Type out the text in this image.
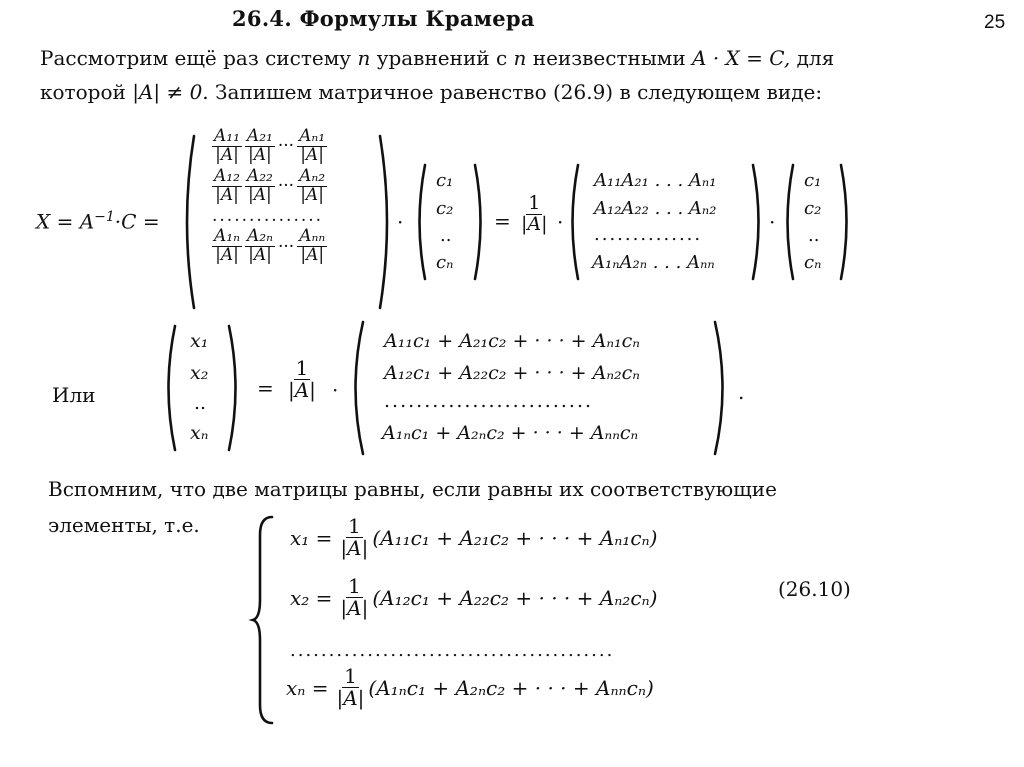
26.4. Формулы Крамера	25
Рассмотрим ещё раз систему n уравнений с n неизвестными A · X = C, для
которой |A| ≠ 0. Запишем матричное равенство (26.9) в следующем виде:
$X = A^{-1}\cdot C$ =
$\frac{\text{A₁₁}}{|A|} \frac{\text{A₂₁}}{|A|}$ ··· $\frac{\text{Aₙ₁}}{|A|}$
$\frac{\text{A₁₂}}{|A|} \frac{\text{A₂₂}}{|A|}$ ··· $\frac{\text{Aₙ₂}}{|A|}$
...............
$\frac{\text{A₁ₙ}}{|A|} \frac{\text{A₂ₙ}}{|A|}$ ··· $\frac{\text{Aₙₙ}}{|A|}$
·
c₁
c₂
..
cₙ
= $\frac{1}{|A|}$ ·
A₁₁A₂₁ . . . Aₙ₁
A₁₂A₂₂ . . . Aₙ₂
..............
A₁ₙA₂ₙ . . . Aₙₙ
·
c₁
c₂
..
cₙ
Или
x₁
x₂
..
xₙ
= $\frac{1}{|A|}$ ·
A₁₁c₁ + A₂₁c₂ + · · · + Aₙ₁cₙ
A₁₂c₁ + A₂₂c₂ + · · · + Aₙ₂cₙ
..........................
A₁ₙc₁ + A₂ₙc₂ + · · · + Aₙₙcₙ
.
Вспомним, что две матрицы равны, если равны их соответствующие
элементы, т.е.
$x_1 = \frac{1}{|A|} (A_{11}c_1 + A_{21}c_2$ + · · · + Aₙ₁cₙ)
$x_2 = \frac{1}{|A|} (A_{12}c_1 + A_{22}c_2$ + · · · + Aₙ₂cₙ)
..........................................
$x_n = \frac{1}{|A|} (A_{1n}c_1 + A_{2n}c_2$ + · · · + Aₙₙcₙ)
(26.10)
